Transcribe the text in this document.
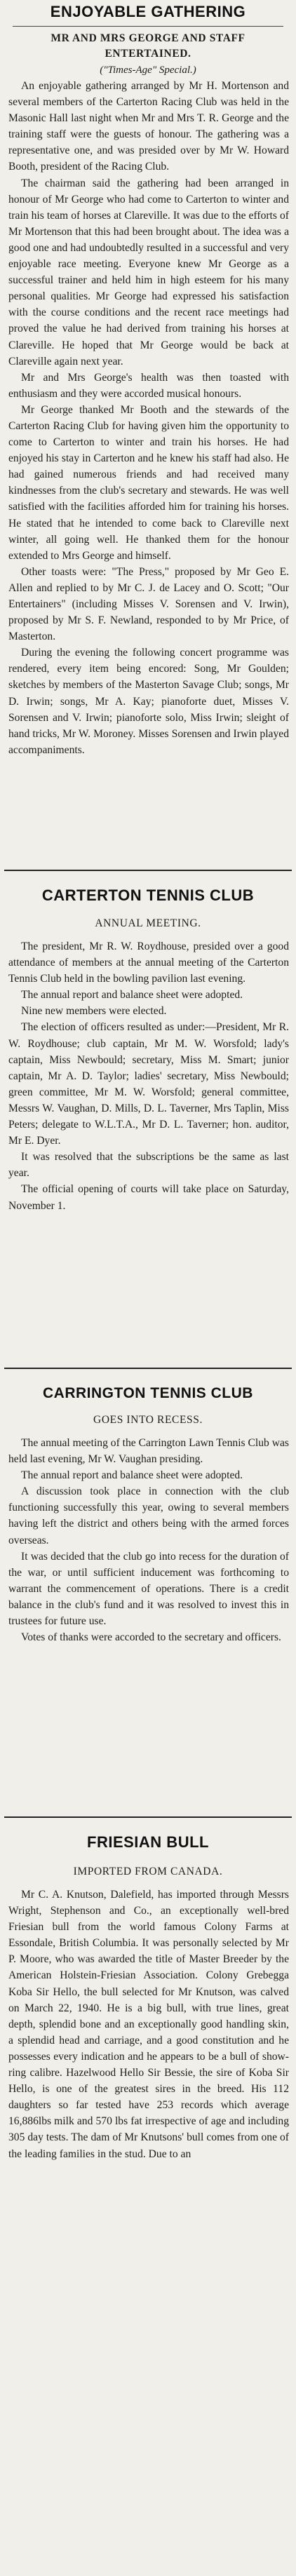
ENJOYABLE GATHERING
MR AND MRS GEORGE AND STAFF ENTERTAINED.
("Times-Age" Special.)

An enjoyable gathering arranged by Mr H. Mortenson and several members of the Carterton Racing Club was held in the Masonic Hall last night when Mr and Mrs T. R. George and the training staff were the guests of honour. The gathering was a representative one, and was presided over by Mr W. Howard Booth, president of the Racing Club.

The chairman said the gathering had been arranged in honour of Mr George who had come to Carterton to winter and train his team of horses at Clareville. It was due to the efforts of Mr Mortenson that this had been brought about. The idea was a good one and had undoubtedly resulted in a successful and very enjoyable race meeting. Everyone knew Mr George as a successful trainer and held him in high esteem for his many personal qualities. Mr George had expressed his satisfaction with the course conditions and the recent race meetings had proved the value he had derived from training his horses at Clareville. He hoped that Mr George would be back at Clareville again next year.

Mr and Mrs George's health was then toasted with enthusiasm and they were accorded musical honours.

Mr George thanked Mr Booth and the stewards of the Carterton Racing Club for having given him the opportunity to come to Carterton to winter and train his horses. He had enjoyed his stay in Carterton and he knew his staff had also. He had gained numerous friends and had received many kindnesses from the club's secretary and stewards. He was well satisfied with the facilities afforded him for training his horses. He stated that he intended to come back to Clareville next winter, all going well. He thanked them for the honour extended to Mrs George and himself.

Other toasts were: "The Press," proposed by Mr Geo E. Allen and replied to by Mr C. J. de Lacey and O. Scott; "Our Entertainers" (including Misses V. Sorensen and V. Irwin), proposed by Mr S. F. Newland, responded to by Mr Price, of Masterton.

During the evening the following concert programme was rendered, every item being encored: Song, Mr Goulden; sketches by members of the Masterton Savage Club; songs, Mr D. Irwin; songs, Mr A. Kay; pianoforte duet, Misses V. Sorensen and V. Irwin; pianoforte solo, Miss Irwin; sleight of hand tricks, Mr W. Moroney. Misses Sorensen and Irwin played accompaniments.

CARTERTON TENNIS CLUB
ANNUAL MEETING.

The president, Mr R. W. Roydhouse, presided over a good attendance of members at the annual meeting of the Carterton Tennis Club held in the bowling pavilion last evening.

The annual report and balance sheet were adopted.

Nine new members were elected.

The election of officers resulted as under:—President, Mr R. W. Roydhouse; club captain, Mr M. W. Worsfold; lady's captain, Miss Newbould; secretary, Miss M. Smart; junior captain, Mr A. D. Taylor; ladies' secretary, Miss Newbould; green committee, Mr M. W. Worsfold; general committee, Messrs W. Vaughan, D. Mills, D. L. Taverner, Mrs Taplin, Miss Peters; delegate to W.L.T.A., Mr D. L. Taverner; hon. auditor, Mr E. Dyer.

It was resolved that the subscriptions be the same as last year.

The official opening of courts will take place on Saturday, November 1.

CARRINGTON TENNIS CLUB
GOES INTO RECESS.

The annual meeting of the Carrington Lawn Tennis Club was held last evening, Mr W. Vaughan presiding.

The annual report and balance sheet were adopted.

A discussion took place in connection with the club functioning successfully this year, owing to several members having left the district and others being with the armed forces overseas.

It was decided that the club go into recess for the duration of the war, or until sufficient inducement was forthcoming to warrant the commencement of operations. There is a credit balance in the club's fund and it was resolved to invest this in trustees for future use.

Votes of thanks were accorded to the secretary and officers.

FRIESIAN BULL
IMPORTED FROM CANADA.

Mr C. A. Knutson, Dalefield, has imported through Messrs Wright, Stephenson and Co., an exceptionally well-bred Friesian bull from the world famous Colony Farms at Essondale, British Columbia. It was personally selected by Mr P. Moore, who was awarded the title of Master Breeder by the American Holstein-Friesian Association. Colony Grebegga Koba Sir Hello, the bull selected for Mr Knutson, was calved on March 22, 1940. He is a big bull, with true lines, great depth, splendid bone and an exceptionally good handling skin, a splendid head and carriage, and a good constitution and he possesses every indication and he appears to be a bull of show-ring calibre. Hazelwood Hello Sir Bessie, the sire of Koba Sir Hello, is one of the greatest sires in the breed. His 112 daughters so far tested have 253 records which average 16,886lbs milk and 570 lbs fat irrespective of age and including 305 day tests. The dam of Mr Knutsons' bull comes from one of the leading families in the stud. Due to an
